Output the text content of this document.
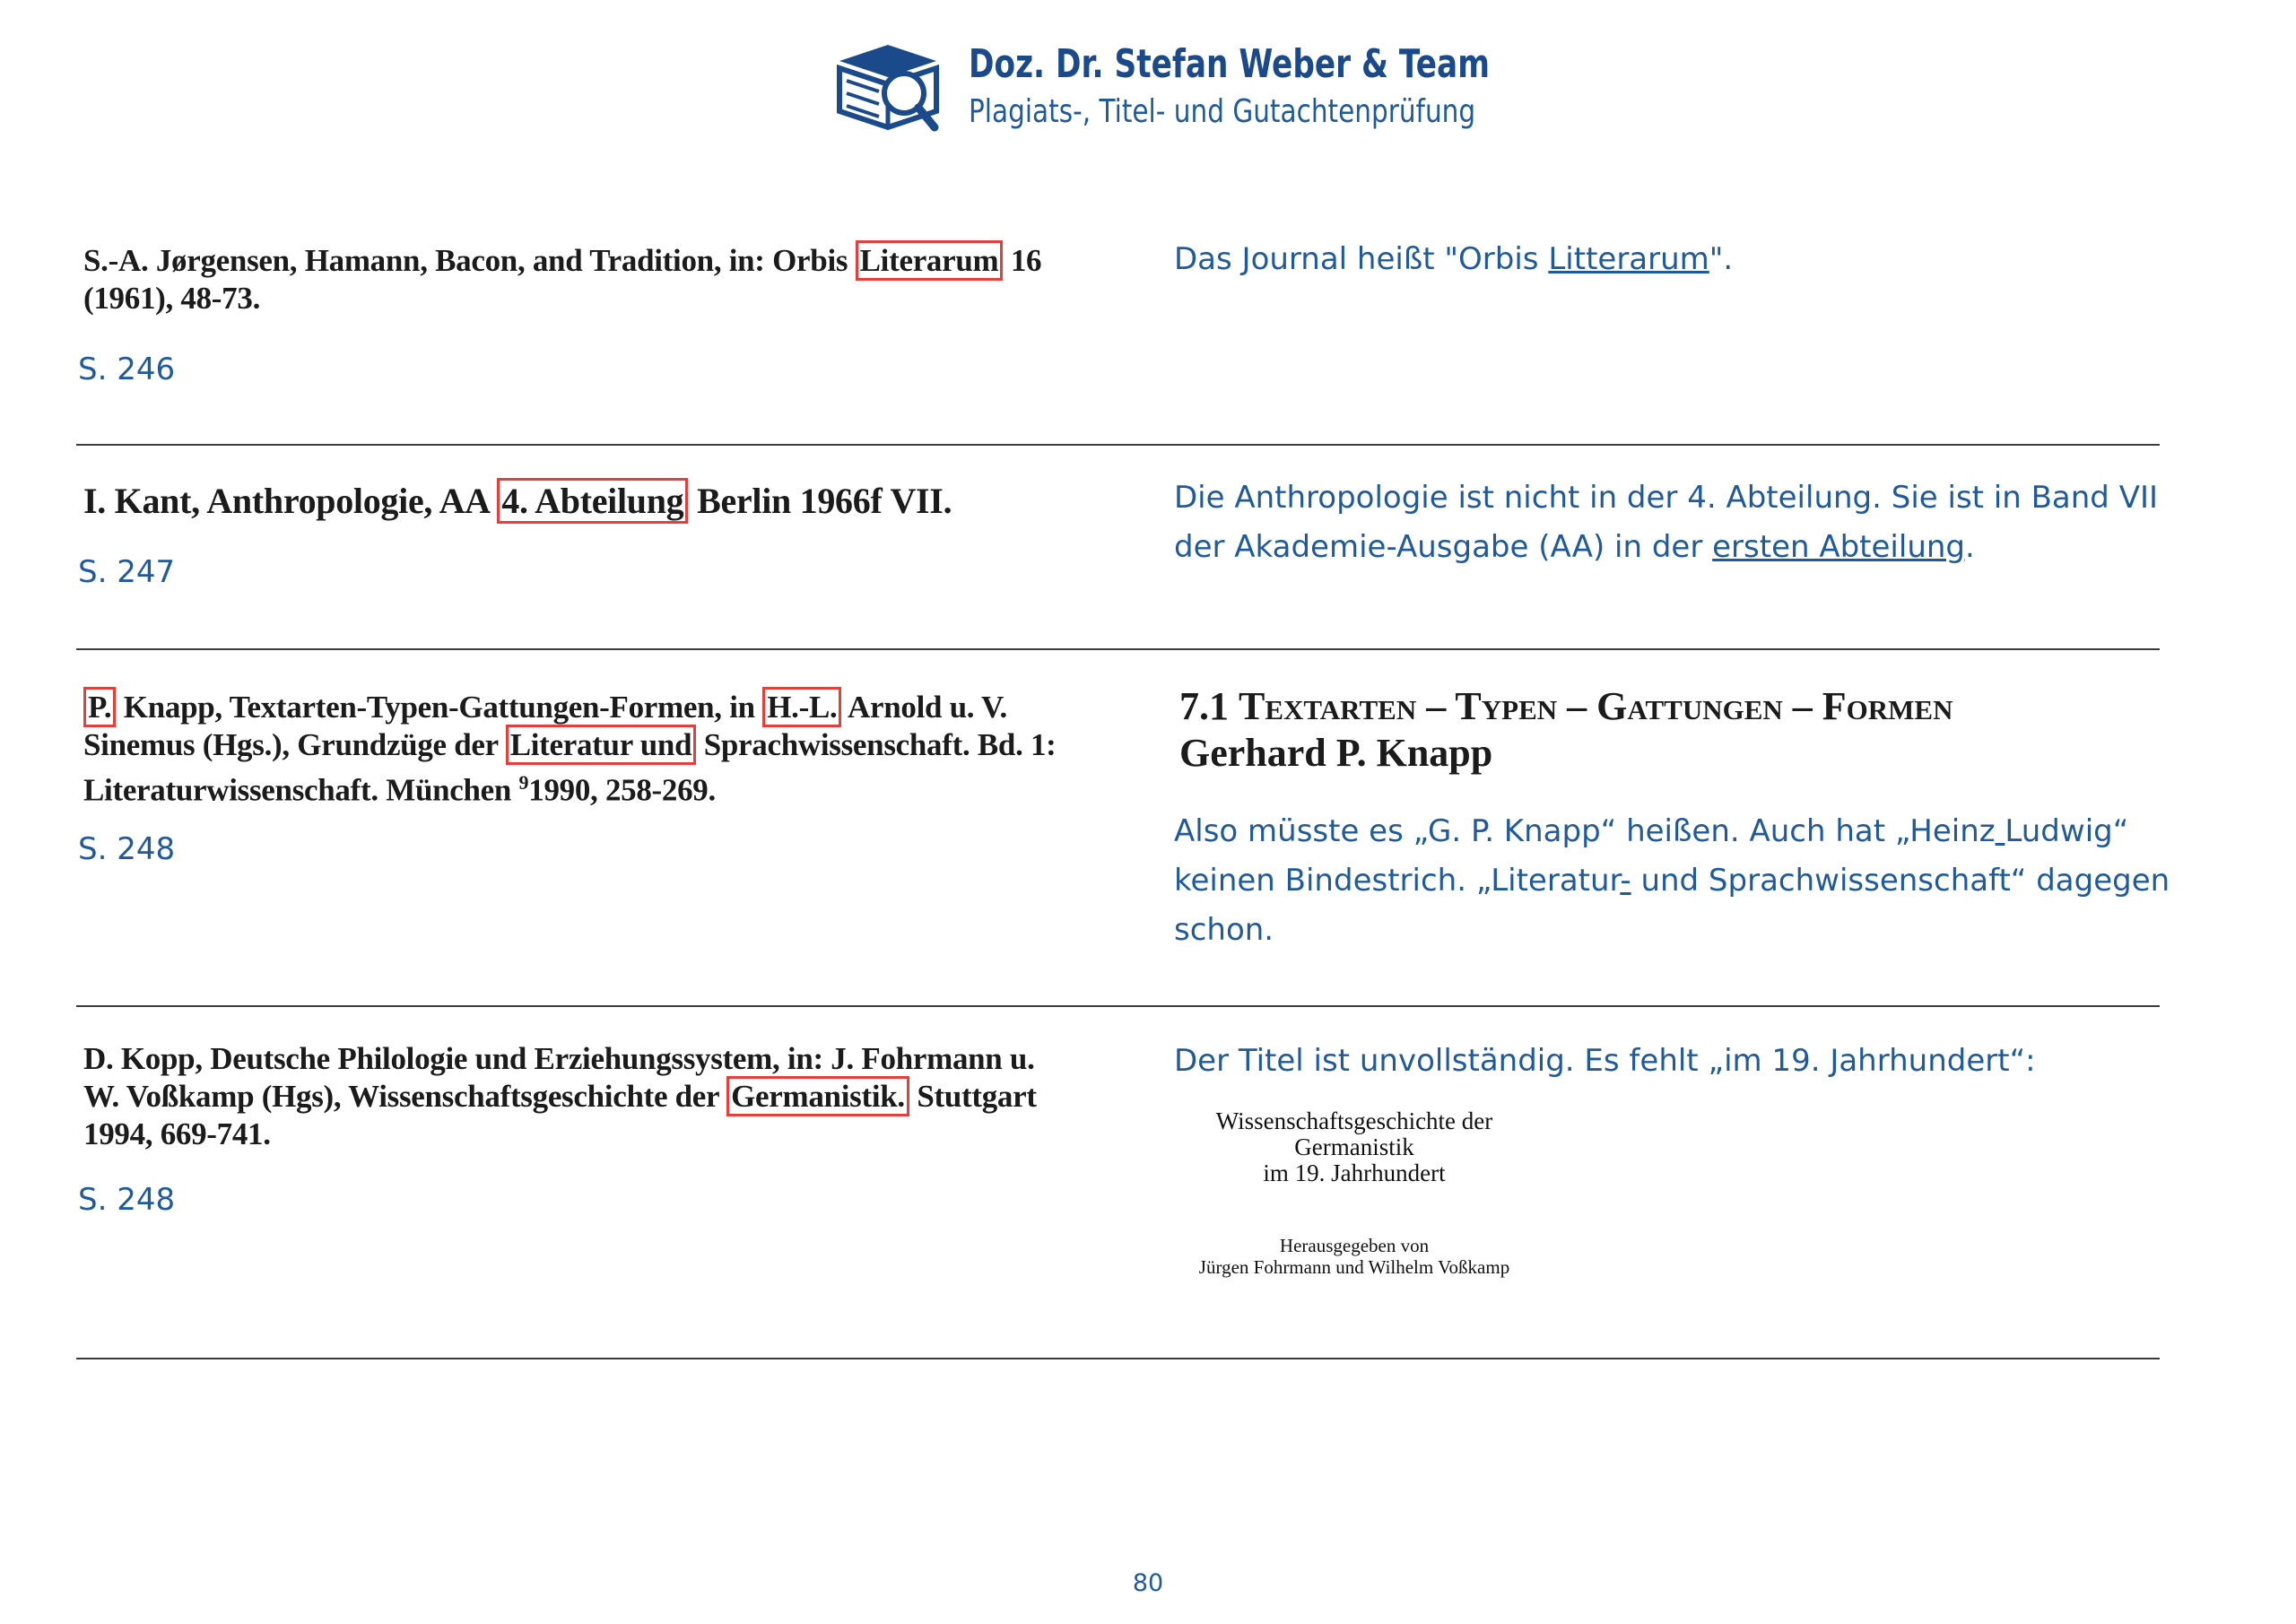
Doz. Dr. Stefan Weber & Team
Plagiats-, Titel- und Gutachtenprüfung
S.-A. Jørgensen, Hamann, Bacon, and Tradition, in: Orbis Literarum 16
(1961), 48-73.
S. 246
Das Journal heißt "Orbis Litterarum".
I. Kant, Anthropologie, AA 4. Abteilung Berlin 1966f VII.
S. 247
Die Anthropologie ist nicht in der 4. Abteilung. Sie ist in Band VII der Akademie-Ausgabe (AA) in der ersten Abteilung.
P. Knapp, Textarten-Typen-Gattungen-Formen, in H.-L. Arnold u. V.
Sinemus (Hgs.), Grundzüge der Literatur und Sprachwissenschaft. Bd. 1:
Literaturwissenschaft. München $^9$1990, 258-269.
S. 248
7.1 Textarten – Typen – Gattungen – Formen
Gerhard P. Knapp
Also müsste es „G. P. Knapp“ heißen. Auch hat „Heinz Ludwig“ keinen Bindestrich. „Literatur- und Sprachwissenschaft“ dagegen schon.
D. Kopp, Deutsche Philologie und Erziehungssystem, in: J. Fohrmann u.
W. Voßkamp (Hgs), Wissenschaftsgeschichte der Germanistik. Stuttgart
1994, 669-741.
S. 248
Der Titel ist unvollständig. Es fehlt „im 19. Jahrhundert“:
Wissenschaftsgeschichte der
Germanistik
im 19. Jahrhundert
Herausgegeben von
Jürgen Fohrmann und Wilhelm Voßkamp
80
